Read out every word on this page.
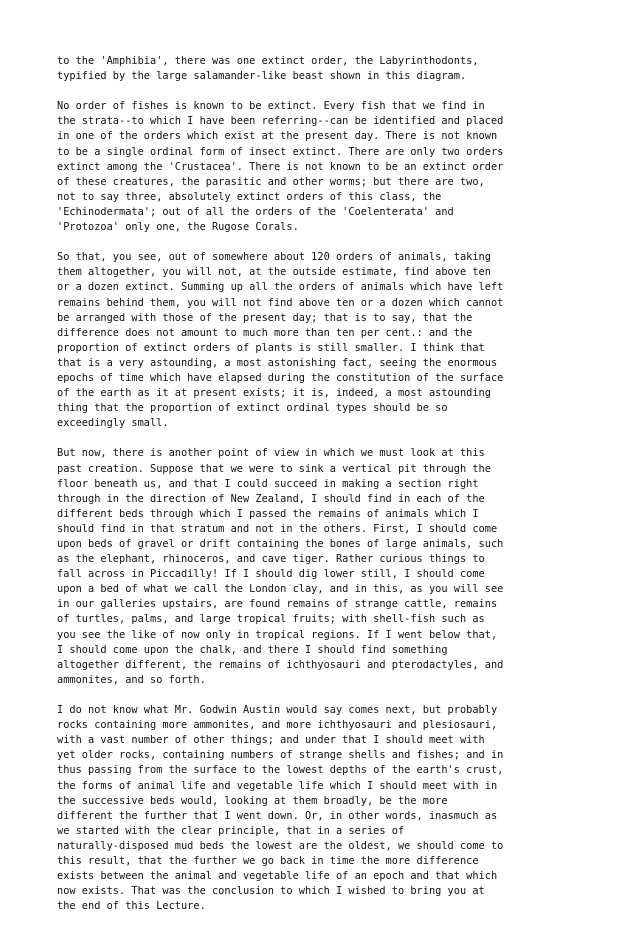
to the 'Amphibia', there was one extinct order, the Labyrinthodonts,
typified by the large salamander-like beast shown in this diagram.

No order of fishes is known to be extinct. Every fish that we find in
the strata--to which I have been referring--can be identified and placed
in one of the orders which exist at the present day. There is not known
to be a single ordinal form of insect extinct. There are only two orders
extinct among the 'Crustacea'. There is not known to be an extinct order
of these creatures, the parasitic and other worms; but there are two,
not to say three, absolutely extinct orders of this class, the
'Echinodermata'; out of all the orders of the 'Coelenterata' and
'Protozoa' only one, the Rugose Corals.

So that, you see, out of somewhere about 120 orders of animals, taking
them altogether, you will not, at the outside estimate, find above ten
or a dozen extinct. Summing up all the orders of animals which have left
remains behind them, you will not find above ten or a dozen which cannot
be arranged with those of the present day; that is to say, that the
difference does not amount to much more than ten per cent.: and the
proportion of extinct orders of plants is still smaller. I think that
that is a very astounding, a most astonishing fact, seeing the enormous
epochs of time which have elapsed during the constitution of the surface
of the earth as it at present exists; it is, indeed, a most astounding
thing that the proportion of extinct ordinal types should be so
exceedingly small.

But now, there is another point of view in which we must look at this
past creation. Suppose that we were to sink a vertical pit through the
floor beneath us, and that I could succeed in making a section right
through in the direction of New Zealand, I should find in each of the
different beds through which I passed the remains of animals which I
should find in that stratum and not in the others. First, I should come
upon beds of gravel or drift containing the bones of large animals, such
as the elephant, rhinoceros, and cave tiger. Rather curious things to
fall across in Piccadilly! If I should dig lower still, I should come
upon a bed of what we call the London clay, and in this, as you will see
in our galleries upstairs, are found remains of strange cattle, remains
of turtles, palms, and large tropical fruits; with shell-fish such as
you see the like of now only in tropical regions. If I went below that,
I should come upon the chalk, and there I should find something
altogether different, the remains of ichthyosauri and pterodactyles, and
ammonites, and so forth.

I do not know what Mr. Godwin Austin would say comes next, but probably
rocks containing more ammonites, and more ichthyosauri and plesiosauri,
with a vast number of other things; and under that I should meet with
yet older rocks, containing numbers of strange shells and fishes; and in
thus passing from the surface to the lowest depths of the earth's crust,
the forms of animal life and vegetable life which I should meet with in
the successive beds would, looking at them broadly, be the more
different the further that I went down. Or, in other words, inasmuch as
we started with the clear principle, that in a series of
naturally-disposed mud beds the lowest are the oldest, we should come to
this result, that the further we go back in time the more difference
exists between the animal and vegetable life of an epoch and that which
now exists. That was the conclusion to which I wished to bring you at
the end of this Lecture.
